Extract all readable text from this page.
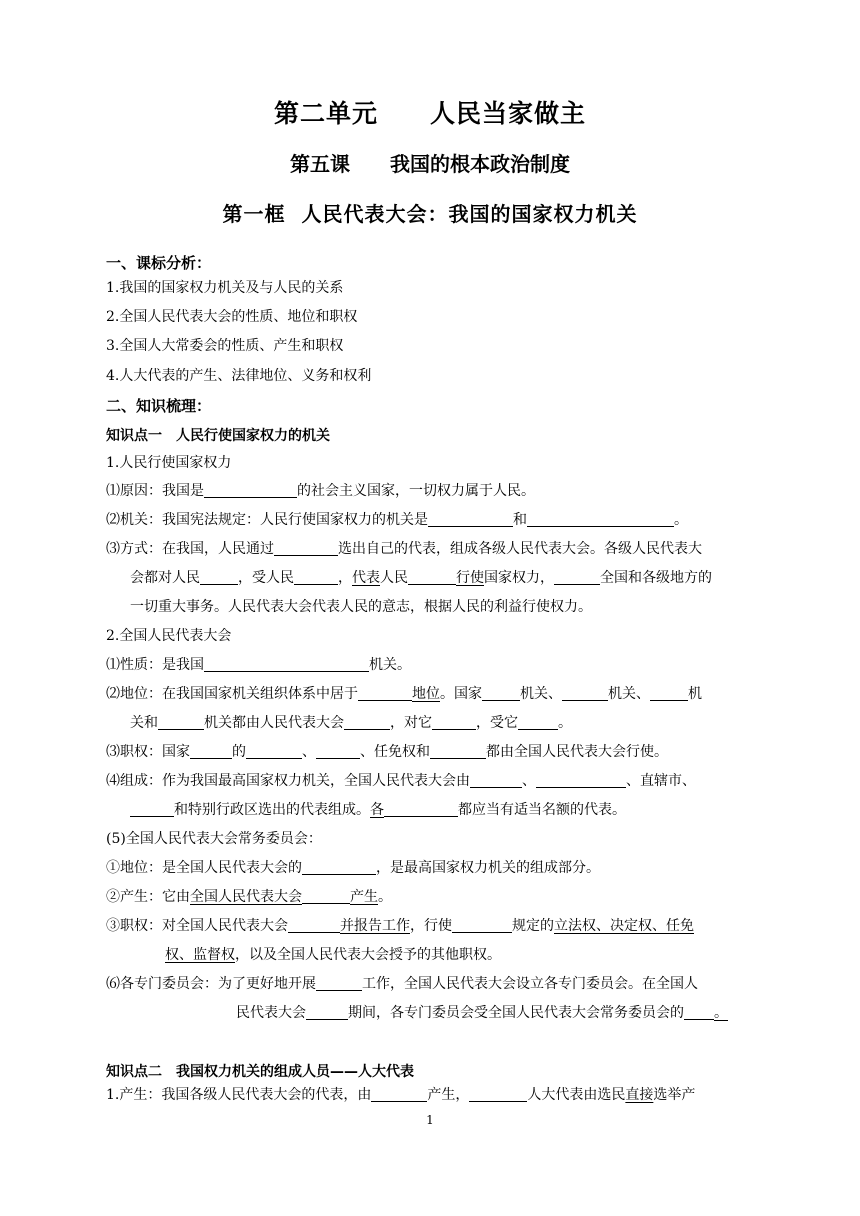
第二单元 人民当家做主
第五课 我国的根本政治制度
第一框 人民代表大会：我国的国家权力机关
一、课标分析：
1.我国的国家权力机关及与人民的关系
2.全国人民代表大会的性质、地位和职权
3.全国人大常委会的性质、产生和职权
4.人大代表的产生、法律地位、义务和权利
二、知识梳理：
知识点一 人民行使国家权力的机关
1.人民行使国家权力
⑴原因：我国是	的社会主义国家，一切权力属于人民。
⑵机关：我国宪法规定：人民行使国家权力的机关是	和	。
⑶方式：在我国，人民通过	选出自己的代表，组成各级人民代表大会。各级人民代表大
会都对人民	，受人民	，代表人民	行使国家权力，	全国和各级地方的
一切重大事务。人民代表大会代表人民的意志，根据人民的利益行使权力。
2.全国人民代表大会
⑴性质：是我国	机关。
⑵地位：在我国国家机关组织体系中居于	地位。国家	机关、	机关、	机
关和	机关都由人民代表大会	，对它	，受它	。
⑶职权：国家	的	、	、任免权和	都由全国人民代表大会行使。
⑷组成：作为我国最高国家权力机关，全国人民代表大会由	、	、直辖市、
和特别行政区选出的代表组成。各	都应当有适当名额的代表。
(5)全国人民代表大会常务委员会：
①地位：是全国人民代表大会的	，是最高国家权力机关的组成部分。
②产生：它由全国人民代表大会	产生。
③职权：对全国人民代表大会	并报告工作，行使	规定的立法权、决定权、任免
权、监督权，以及全国人民代表大会授予的其他职权。
⑹各专门委员会：为了更好地开展	工作，全国人民代表大会设立各专门委员会。在全国人
民代表大会	期间，各专门委员会受全国人民代表大会常务委员会的 。
知识点二 我国权力机关的组成人员——人大代表
1.产生：我国各级人民代表大会的代表，由	产生，	人大代表由选民直接选举产
1
